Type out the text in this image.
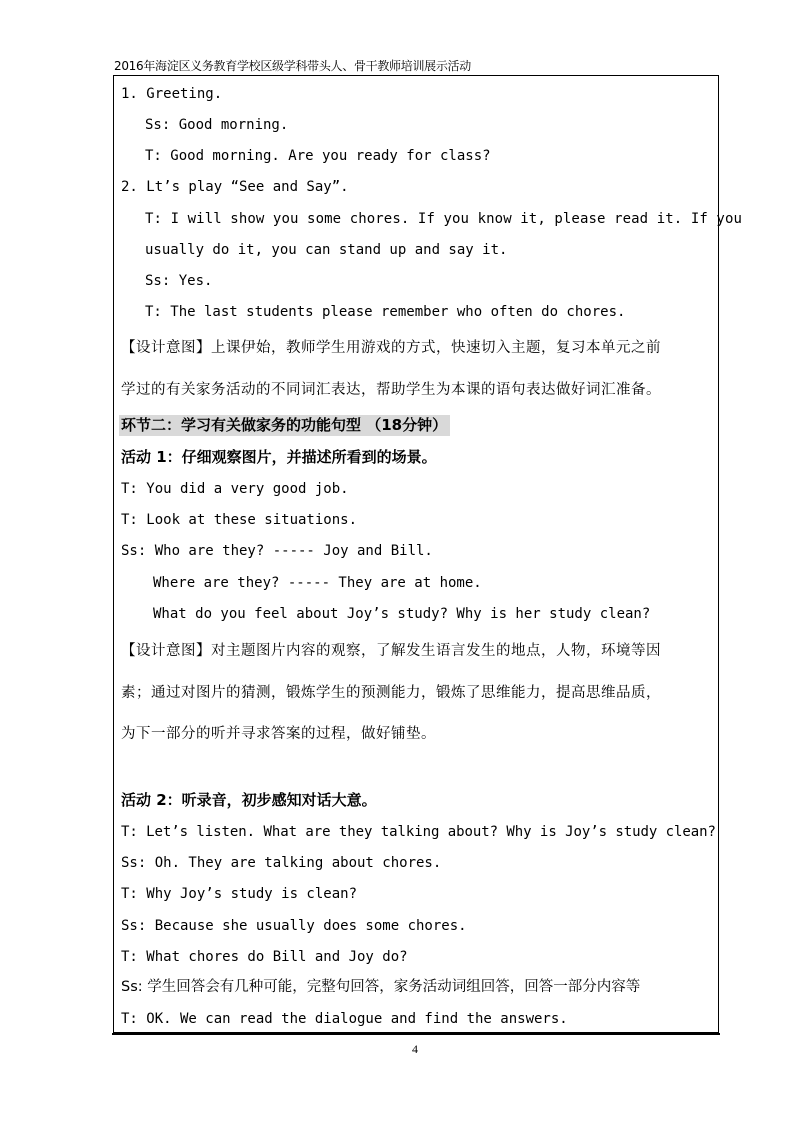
2016年海淀区义务教育学校区级学科带头人、骨干教师培训展示活动
1. Greeting.
Ss: Good morning.
T: Good morning. Are you ready for class?
2. Lt’s play “See and Say”.
T: I will show you some chores. If you know it, please read it. If you
usually do it, you can stand up and say it.
Ss: Yes.
T: The last students please remember who often do chores.
【设计意图】上课伊始，教师学生用游戏的方式，快速切入主题，复习本单元之前
学过的有关家务活动的不同词汇表达，帮助学生为本课的语句表达做好词汇准备。
环节二：学习有关做家务的功能句型 （18分钟）
活动 1：仔细观察图片，并描述所看到的场景。
T: You did a very good job.
T: Look at these situations.
Ss: Who are they? ----- Joy and Bill.
Where are they? ----- They are at home.
What do you feel about Joy’s study? Why is her study clean?
【设计意图】对主题图片内容的观察，了解发生语言发生的地点，人物，环境等因
素；通过对图片的猜测，锻炼学生的预测能力，锻炼了思维能力，提高思维品质，
为下一部分的听并寻求答案的过程，做好铺垫。
活动 2：听录音，初步感知对话大意。
T: Let’s listen. What are they talking about? Why is Joy’s study clean?
Ss: Oh. They are talking about chores.
T: Why Joy’s study is clean?
Ss: Because she usually does some chores.
T: What chores do Bill and Joy do?
Ss: 学生回答会有几种可能，完整句回答，家务活动词组回答，回答一部分内容等
T: OK. We can read the dialogue and find the answers.
4
